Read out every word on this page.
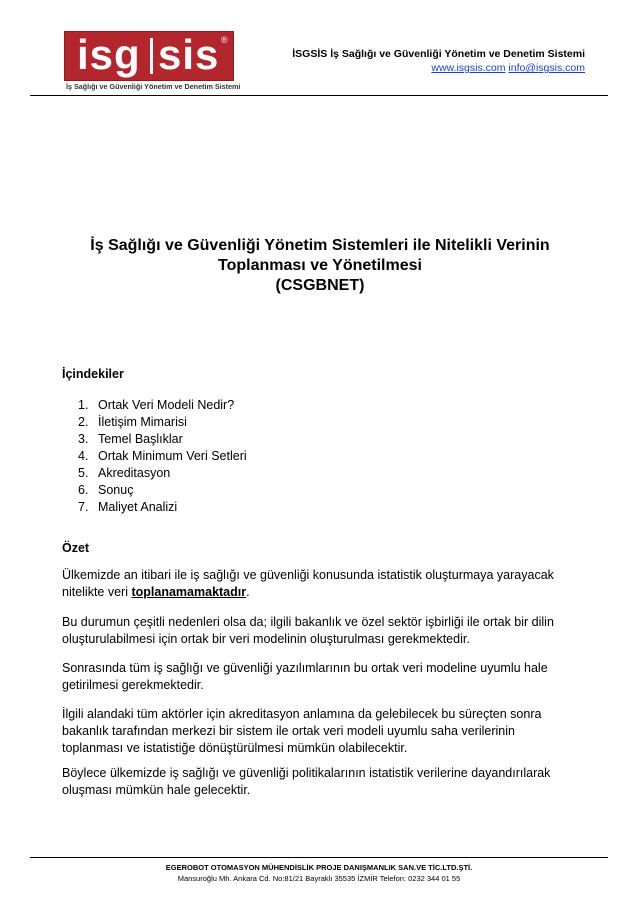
isg sis ®
İş Sağlığı ve Güvenliği Yönetim ve Denetim Sistemi
İSGSİS İş Sağlığı ve Güvenliği Yönetim ve Denetim Sistemi
www.isgsis.com info@isgsis.com
İş Sağlığı ve Güvenliği Yönetim Sistemleri ile Nitelikli Verinin
Toplanması ve Yönetilmesi
(CSGBNET)
İçindekiler
1. Ortak Veri Modeli Nedir?
2. İletişim Mimarisi
3. Temel Başlıklar
4. Ortak Minimum Veri Setleri
5. Akreditasyon
6. Sonuç
7. Maliyet Analizi
Özet
Ülkemizde an itibari ile iş sağlığı ve güvenliği konusunda istatistik oluşturmaya yarayacak
nitelikte veri toplanamamaktadır.
Bu durumun çeşitli nedenleri olsa da; ilgili bakanlık ve özel sektör işbirliği ile ortak bir dilin
oluşturulabilmesi için ortak bir veri modelinin oluşturulması gerekmektedir.
Sonrasında tüm iş sağlığı ve güvenliği yazılımlarının bu ortak veri modeline uyumlu hale
getirilmesi gerekmektedir.
İlgili alandaki tüm aktörler için akreditasyon anlamına da gelebilecek bu süreçten sonra
bakanlık tarafından merkezi bir sistem ile ortak veri modeli uyumlu saha verilerinin
toplanması ve istatistiğe dönüştürülmesi mümkün olabilecektir.
Böylece ülkemizde iş sağlığı ve güvenliği politikalarının istatistik verilerine dayandırılarak
oluşması mümkün hale gelecektir.
EGEROBOT OTOMASYON MÜHENDİSLİK PROJE DANIŞMANLIK SAN.VE TİC.LTD.ŞTİ.
Mansuroğlu Mh. Ankara Cd. No:81/21 Bayraklı 35535 İZMİR Telefon: 0232 344 01 55
